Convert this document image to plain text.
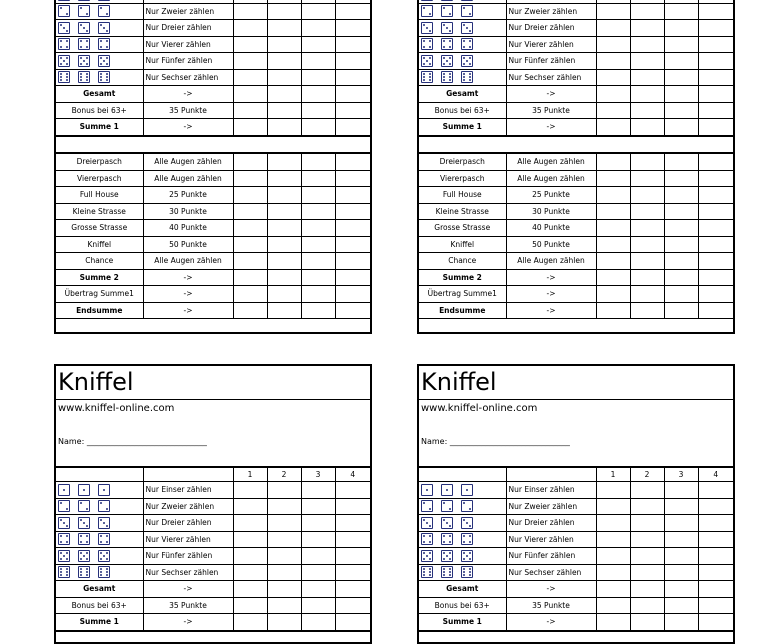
	Nur Zweier zählen				

	Nur Dreier zählen				

	Nur Vierer zählen				

	Nur Fünfer zählen				

	Nur Sechser zählen				
Gesamt	->				
Bonus bei 63+	35 Punkte				
Summe 1	->				

Dreierpasch	Alle Augen zählen				
Viererpasch	Alle Augen zählen				
Full House	25 Punkte				
Kleine Strasse	30 Punkte				
Grosse Strasse	40 Punkte				
Kniffel	50 Punkte				
Chance	Alle Augen zählen				
Summe 2	->				
Übertrag Summe1	->				
Endsumme	->				

	Nur Zweier zählen				

	Nur Dreier zählen				

	Nur Vierer zählen				

	Nur Fünfer zählen				

	Nur Sechser zählen				
Gesamt	->				
Bonus bei 63+	35 Punkte				
Summe 1	->				

Dreierpasch	Alle Augen zählen				
Viererpasch	Alle Augen zählen				
Full House	25 Punkte				
Kleine Strasse	30 Punkte				
Grosse Strasse	40 Punkte				
Kniffel	50 Punkte				
Chance	Alle Augen zählen				
Summe 2	->				
Übertrag Summe1	->				
Endsumme	->				
Kniffel
www.kniffel-online.com
Name: ______________________________
		1	2	3	4

	Nur Einser zählen				

	Nur Zweier zählen				

	Nur Dreier zählen				

	Nur Vierer zählen				

	Nur Fünfer zählen				

	Nur Sechser zählen				
Gesamt	->				
Bonus bei 63+	35 Punkte				
Summe 1	->				
Kniffel
www.kniffel-online.com
Name: ______________________________
		1	2	3	4

	Nur Einser zählen				

	Nur Zweier zählen				

	Nur Dreier zählen				

	Nur Vierer zählen				

	Nur Fünfer zählen				

	Nur Sechser zählen				
Gesamt	->				
Bonus bei 63+	35 Punkte				
Summe 1	->				
